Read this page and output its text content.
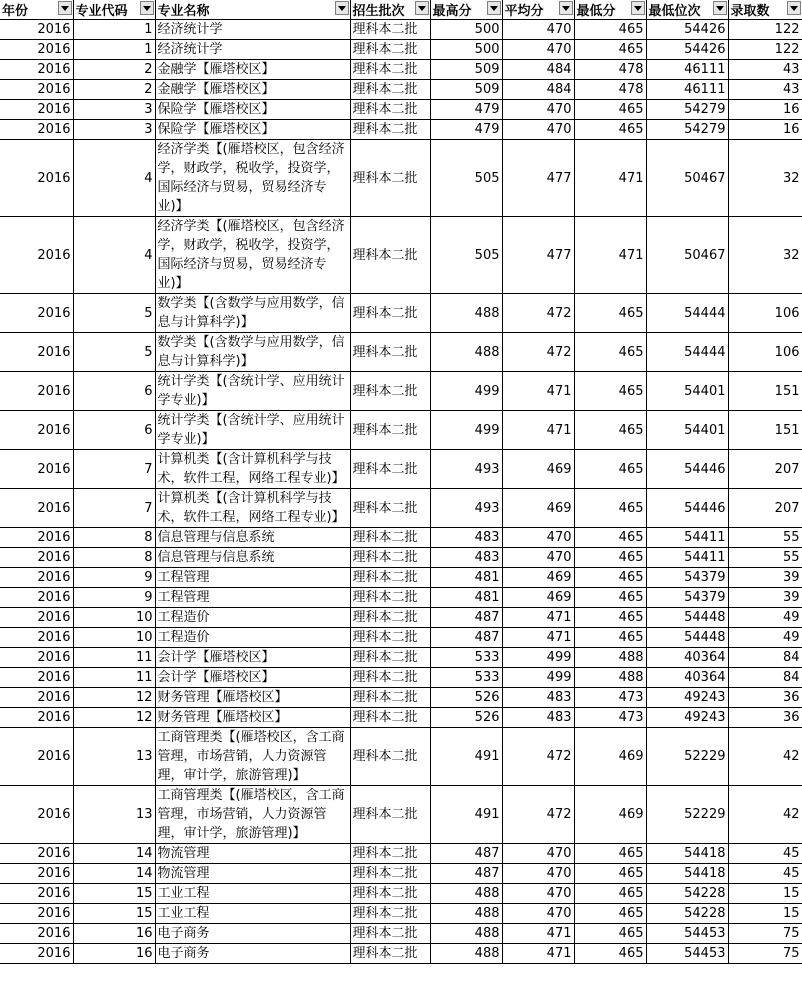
年份	专业代码	专业名称	招生批次	最高分	平均分	最低分	最低位次	录取数

2016	1	经济统计学	理科本二批	500	470	465	54426	122
2016	1	经济统计学	理科本二批	500	470	465	54426	122
2016	2	金融学【雁塔校区】	理科本二批	509	484	478	46111	43
2016	2	金融学【雁塔校区】	理科本二批	509	484	478	46111	43
2016	3	保险学【雁塔校区】	理科本二批	479	470	465	54279	16
2016	3	保险学【雁塔校区】	理科本二批	479	470	465	54279	16
2016	4	经济学类【(雁塔校区，包含经济学，财政学，税收学，投资学，国际经济与贸易，贸易经济专业)】	理科本二批	505	477	471	50467	32
2016	4	经济学类【(雁塔校区，包含经济学，财政学，税收学，投资学，国际经济与贸易，贸易经济专业)】	理科本二批	505	477	471	50467	32
2016	5	数学类【(含数学与应用数学，信息与计算科学)】	理科本二批	488	472	465	54444	106
2016	5	数学类【(含数学与应用数学，信息与计算科学)】	理科本二批	488	472	465	54444	106
2016	6	统计学类【(含统计学、应用统计学专业)】	理科本二批	499	471	465	54401	151
2016	6	统计学类【(含统计学、应用统计学专业)】	理科本二批	499	471	465	54401	151
2016	7	计算机类【(含计算机科学与技术，软件工程，网络工程专业)】	理科本二批	493	469	465	54446	207
2016	7	计算机类【(含计算机科学与技术，软件工程，网络工程专业)】	理科本二批	493	469	465	54446	207
2016	8	信息管理与信息系统	理科本二批	483	470	465	54411	55
2016	8	信息管理与信息系统	理科本二批	483	470	465	54411	55
2016	9	工程管理	理科本二批	481	469	465	54379	39
2016	9	工程管理	理科本二批	481	469	465	54379	39
2016	10	工程造价	理科本二批	487	471	465	54448	49
2016	10	工程造价	理科本二批	487	471	465	54448	49
2016	11	会计学【雁塔校区】	理科本二批	533	499	488	40364	84
2016	11	会计学【雁塔校区】	理科本二批	533	499	488	40364	84
2016	12	财务管理【雁塔校区】	理科本二批	526	483	473	49243	36
2016	12	财务管理【雁塔校区】	理科本二批	526	483	473	49243	36
2016	13	工商管理类【(雁塔校区，含工商管理，市场营销，人力资源管理，审计学，旅游管理)】	理科本二批	491	472	469	52229	42
2016	13	工商管理类【(雁塔校区，含工商管理，市场营销，人力资源管理，审计学，旅游管理)】	理科本二批	491	472	469	52229	42
2016	14	物流管理	理科本二批	487	470	465	54418	45
2016	14	物流管理	理科本二批	487	470	465	54418	45
2016	15	工业工程	理科本二批	488	470	465	54228	15
2016	15	工业工程	理科本二批	488	470	465	54228	15
2016	16	电子商务	理科本二批	488	471	465	54453	75
2016	16	电子商务	理科本二批	488	471	465	54453	75
